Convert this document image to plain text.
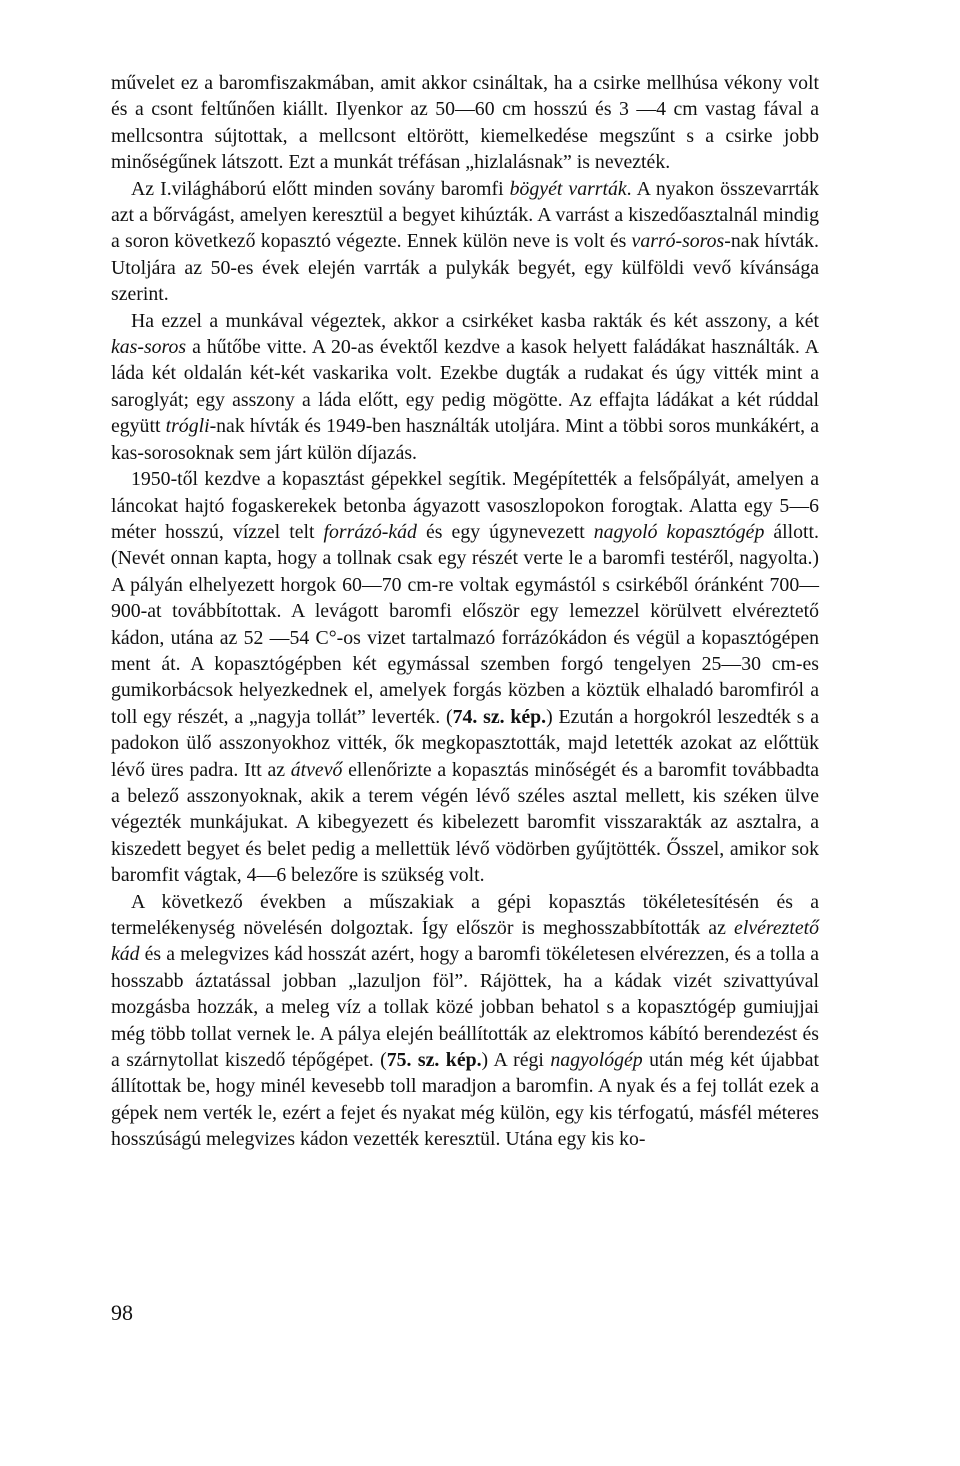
művelet ez a baromfiszakmában, amit akkor csináltak, ha a csirke mellhúsa vékony volt és a csont feltűnően kiállt. Ilyenkor az 50—60 cm hosszú és 3 —4 cm vastag fával a mellcsontra sújtottak, a mellcsont eltörött, kiemelkedése megszűnt s a csirke jobb minőségűnek látszott. Ezt a munkát tréfásan „hizlalásnak” is nevezték.

Az I.világháború előtt minden sovány baromfi bögyét varrták. A nyakon összevarrták azt a bőrvágást, amelyen keresztül a begyet kihúzták. A varrást a kiszedőasztalnál mindig a soron következő kopasztó végezte. Ennek külön neve is volt és varró-soros-nak hívták. Utoljára az 50-es évek elején varrták a pulykák begyét, egy külföldi vevő kívánsága szerint.

Ha ezzel a munkával végeztek, akkor a csirkéket kasba rakták és két asszony, a két kas-soros a hűtőbe vitte. A 20-as évektől kezdve a kasok helyett faládákat használták. A láda két oldalán két-két vaskarika volt. Ezekbe dugták a rudakat és úgy vitték mint a saroglyát; egy asszony a láda előtt, egy pedig mögötte. Az effajta ládákat a két rúddal együtt trógli-nak hívták és 1949-ben használták utoljára. Mint a többi soros munkákért, a kas-sorosoknak sem járt külön díjazás.

1950-től kezdve a kopasztást gépekkel segítik. Megépítették a felsőpályát, amelyen a láncokat hajtó fogaskerekek betonba ágyazott vasoszlopokon forogtak. Alatta egy 5—6 méter hosszú, vízzel telt forrázó-kád és egy úgynevezett nagyoló kopasztógép állott. (Nevét onnan kapta, hogy a tollnak csak egy részét verte le a baromfi testéről, nagyolta.) A pályán elhelyezett horgok 60—70 cm-re voltak egymástól s csirkéből óránként 700—900-at továbbítottak. A levágott baromfi először egy lemezzel körülvett elvéreztető kádon, utána az 52 —54 C°-os vizet tartalmazó forrázókádon és végül a kopasztógépen ment át. A kopasztógépben két egymással szemben forgó tengelyen 25—30 cm-es gumikorbácsok helyezkednek el, amelyek forgás közben a köztük elhaladó baromfiról a toll egy részét, a „nagyja tollát” leverték. (74. sz. kép.) Ezután a horgokról leszedték s a padokon ülő asszonyokhoz vitték, ők megkopasztották, majd letették azokat az előttük lévő üres padra. Itt az átvevő ellenőrizte a kopasztás minőségét és a baromfit továbbadta a belező asszonyoknak, akik a terem végén lévő széles asztal mellett, kis széken ülve végezték munkájukat. A kibegyezett és kibelezett baromfit visszarakták az asztalra, a kiszedett begyet és belet pedig a mellettük lévő vödörben gyűjtötték. Ősszel, amikor sok baromfit vágtak, 4—6 belezőre is szükség volt.

A következő években a műszakiak a gépi kopasztás tökéletesítésén és a termelékenység növelésén dolgoztak. Így először is meghosszabbították az elvéreztető kád és a melegvizes kád hosszát azért, hogy a baromfi tökéletesen elvérezzen, és a tolla a hosszabb áztatással jobban „lazuljon föl”. Rájöttek, ha a kádak vizét szivattyúval mozgásba hozzák, a meleg víz a tollak közé jobban behatol s a kopasztógép gumiujjai még több tollat vernek le. A pálya elején beállították az elektromos kábító berendezést és a szárnytollat kiszedő tépőgépet. (75. sz. kép.) A régi nagyológép után még két újabbat állítottak be, hogy minél kevesebb toll maradjon a baromfin. A nyak és a fej tollát ezek a gépek nem verték le, ezért a fejet és nyakat még külön, egy kis térfogatú, másfél méteres hosszúságú melegvizes kádon vezették keresztül. Utána egy kis ko-

98
